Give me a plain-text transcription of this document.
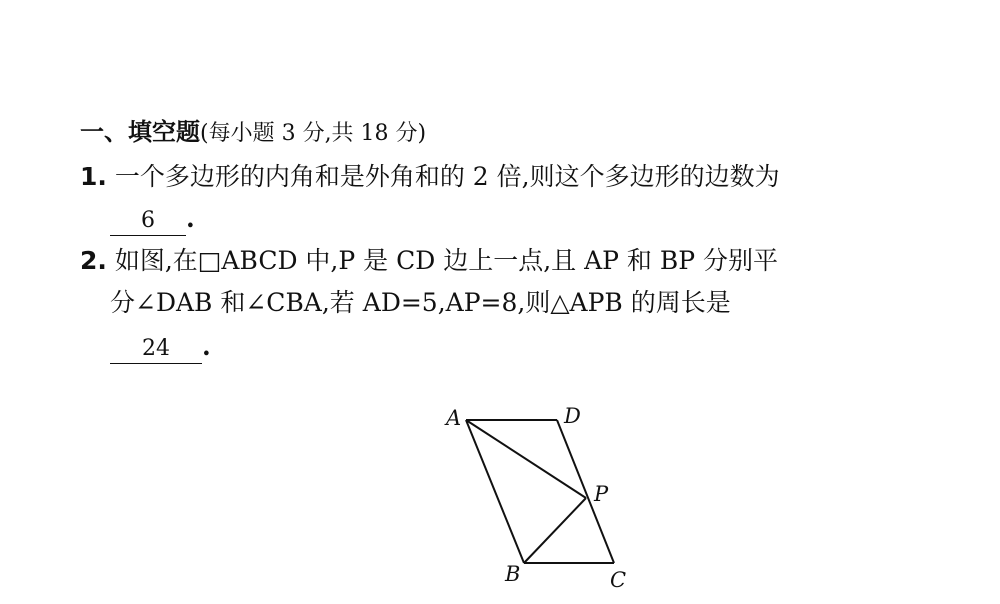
一、填空题(每小题 3 分,共 18 分)
1. 一个多边形的内角和是外角和的 2 倍,则这个多边形的边数为
6 .
2. 如图,在□ABCD 中,P 是 CD 边上一点,且 AP 和 BP 分别平
分∠DAB 和∠CBA,若 AD=5,AP=8,则△APB 的周长是
24 .
A	D
P
B	C
